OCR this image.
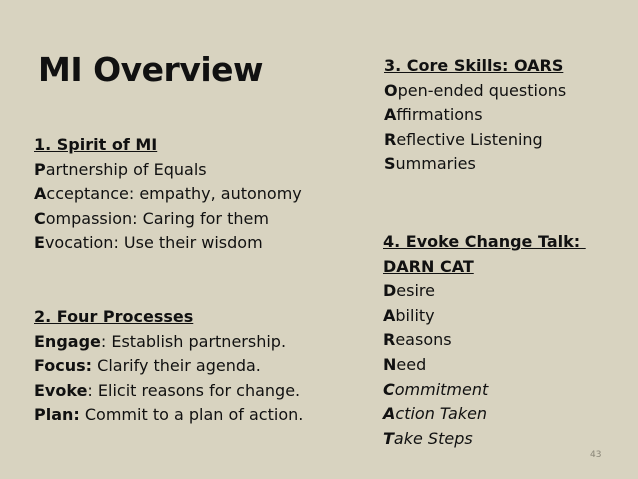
MI Overview
1. Spirit of MI
Partnership of Equals
Acceptance: empathy, autonomy
Compassion: Caring for them
Evocation: Use their wisdom
2. Four Processes
Engage: Establish partnership.
Focus: Clarify their agenda.
Evoke: Elicit reasons for change.
Plan: Commit to a plan of action.
3. Core Skills: OARS
Open-ended questions
Affirmations
Reflective Listening
Summaries
4. Evoke Change Talk:
DARN CAT
Desire
Ability
Reasons
Need
Commitment
Action Taken
Take Steps
43
